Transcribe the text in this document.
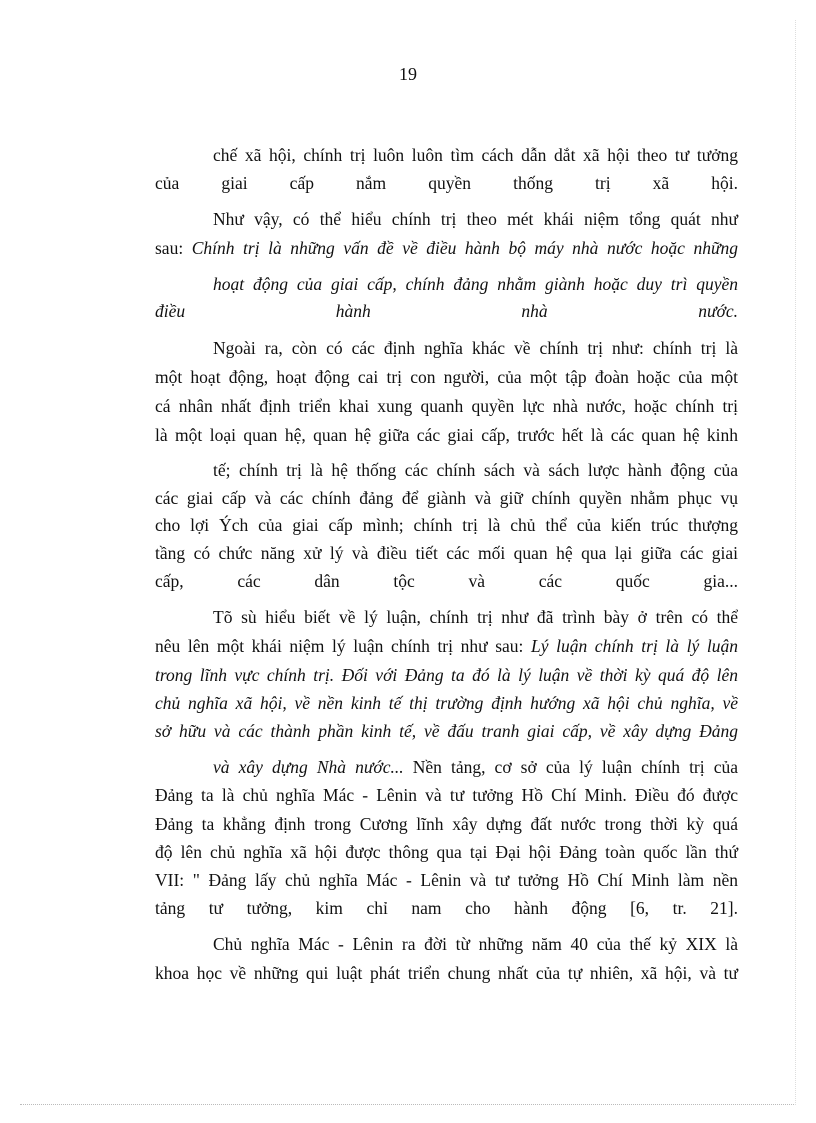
19
chế xã hội, chính trị luôn luôn tìm cách dẫn dắt xã hội theo tư tưởng
của giai cấp nắm quyền thống trị xã hội.
Như vậy, có thể hiểu chính trị theo mét khái niệm tổng quát như
sau: Chính trị là những vấn đề về điều hành bộ máy nhà nước hoặc những
hoạt động của giai cấp, chính đảng nhằm giành hoặc duy trì quyền
điều hành nhà nước.
Ngoài ra, còn có các định nghĩa khác về chính trị như: chính trị là
một hoạt động, hoạt động cai trị con người, của một tập đoàn hoặc của một
cá nhân nhất định triển khai xung quanh quyền lực nhà nước, hoặc chính trị
là một loại quan hệ, quan hệ giữa các giai cấp, trước hết là các quan hệ kinh
tế; chính trị là hệ thống các chính sách và sách lược hành động của
các giai cấp và các chính đảng để giành và giữ chính quyền nhằm phục vụ
cho lợi Ých của giai cấp mình; chính trị là chủ thể của kiến trúc thượng
tầng có chức năng xử lý và điều tiết các mối quan hệ qua lại giữa các giai
cấp, các dân tộc và các quốc gia...
Tõ sù hiểu biết về lý luận, chính trị như đã trình bày ở trên có thể
nêu lên một khái niệm lý luận chính trị như sau: Lý luận chính trị là lý luận
trong lĩnh vực chính trị. Đối với Đảng ta đó là lý luận về thời kỳ quá độ lên
chủ nghĩa xã hội, về nền kinh tế thị trường định hướng xã hội chủ nghĩa, về
sở hữu và các thành phần kinh tế, về đấu tranh giai cấp, về xây dựng Đảng
và xây dựng Nhà nước... Nền tảng, cơ sở của lý luận chính trị của
Đảng ta là chủ nghĩa Mác - Lênin và tư tưởng Hồ Chí Minh. Điều đó được
Đảng ta khẳng định trong Cương lĩnh xây dựng đất nước trong thời kỳ quá
độ lên chủ nghĩa xã hội được thông qua tại Đại hội Đảng toàn quốc lần thứ
VII: " Đảng lấy chủ nghĩa Mác - Lênin và tư tưởng Hồ Chí Minh làm nền
tảng tư tưởng, kim chỉ nam cho hành động [6, tr. 21].
Chủ nghĩa Mác - Lênin ra đời từ những năm 40 của thế kỷ XIX là
khoa học về những qui luật phát triển chung nhất của tự nhiên, xã hội, và tư
